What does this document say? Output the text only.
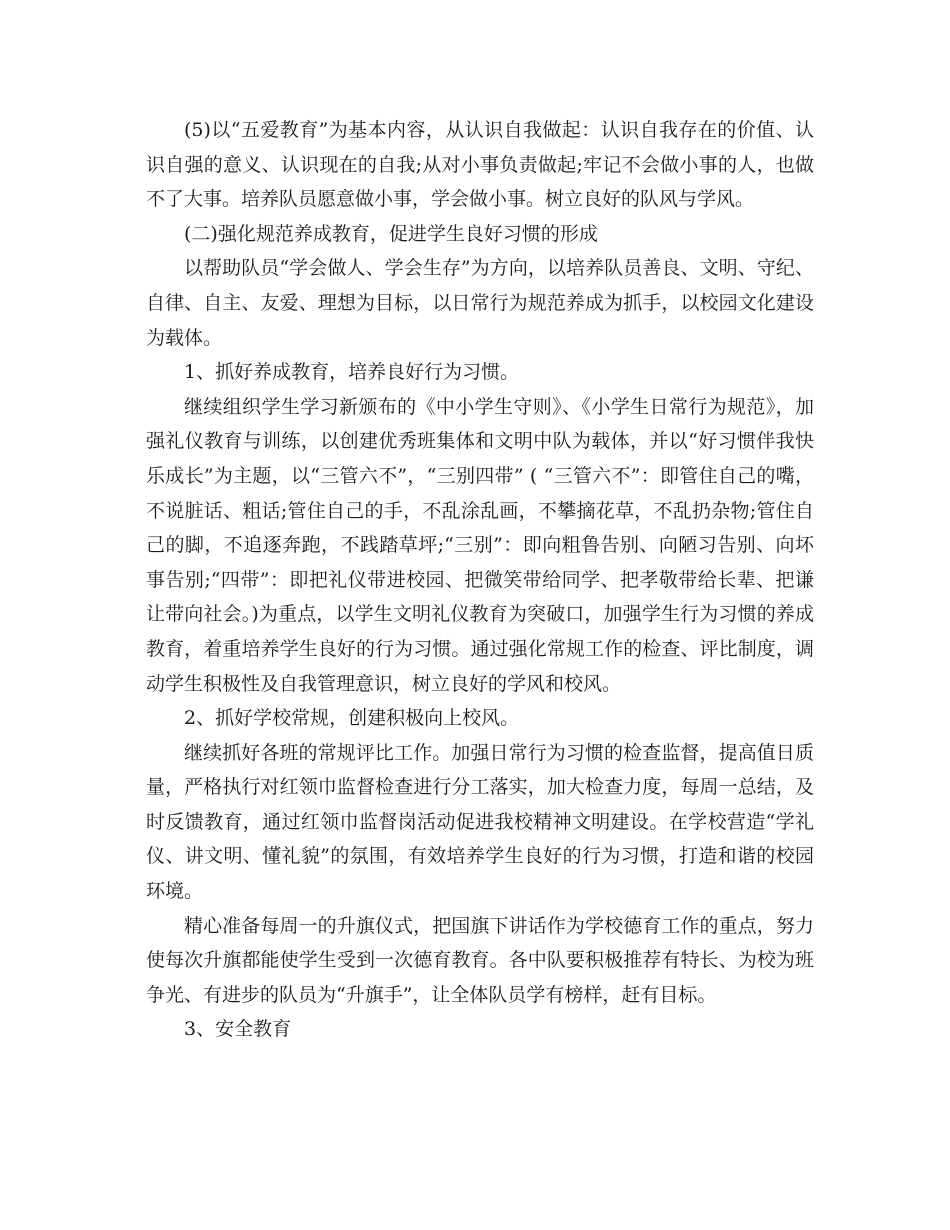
(5)以“五爱教育”为基本内容，从认识自我做起：认识自我存在的价值、认识自强的意义、认识现在的自我;从对小事负责做起;牢记不会做小事的人，也做不了大事。培养队员愿意做小事，学会做小事。树立良好的队风与学风。

(二)强化规范养成教育，促进学生良好习惯的形成

以帮助队员“学会做人、学会生存”为方向，以培养队员善良、文明、守纪、自律、自主、友爱、理想为目标，以日常行为规范养成为抓手，以校园文化建设为载体。

1、抓好养成教育，培养良好行为习惯。

继续组织学生学习新颁布的《中小学生守则》、《小学生日常行为规范》，加强礼仪教育与训练，以创建优秀班集体和文明中队为载体，并以“好习惯伴我快乐成长”为主题，以“三管六不”，“三别四带” ( “三管六不”：即管住自己的嘴，不说脏话、粗话;管住自己的手，不乱涂乱画，不攀摘花草，不乱扔杂物;管住自己的脚，不追逐奔跑，不践踏草坪;“三别”：即向粗鲁告别、向陋习告别、向坏事告别;“四带”：即把礼仪带进校园、把微笑带给同学、把孝敬带给长辈、把谦让带向社会。)为重点，以学生文明礼仪教育为突破口，加强学生行为习惯的养成教育，着重培养学生良好的行为习惯。通过强化常规工作的检查、评比制度，调动学生积极性及自我管理意识，树立良好的学风和校风。

2、抓好学校常规，创建积极向上校风。

继续抓好各班的常规评比工作。加强日常行为习惯的检查监督，提高值日质量，严格执行对红领巾监督检查进行分工落实，加大检查力度，每周一总结，及时反馈教育，通过红领巾监督岗活动促进我校精神文明建设。在学校营造“学礼仪、讲文明、懂礼貌”的氛围，有效培养学生良好的行为习惯，打造和谐的校园环境。

精心准备每周一的升旗仪式，把国旗下讲话作为学校德育工作的重点，努力使每次升旗都能使学生受到一次德育教育。各中队要积极推荐有特长、为校为班争光、有进步的队员为“升旗手”，让全体队员学有榜样，赶有目标。

3、安全教育
